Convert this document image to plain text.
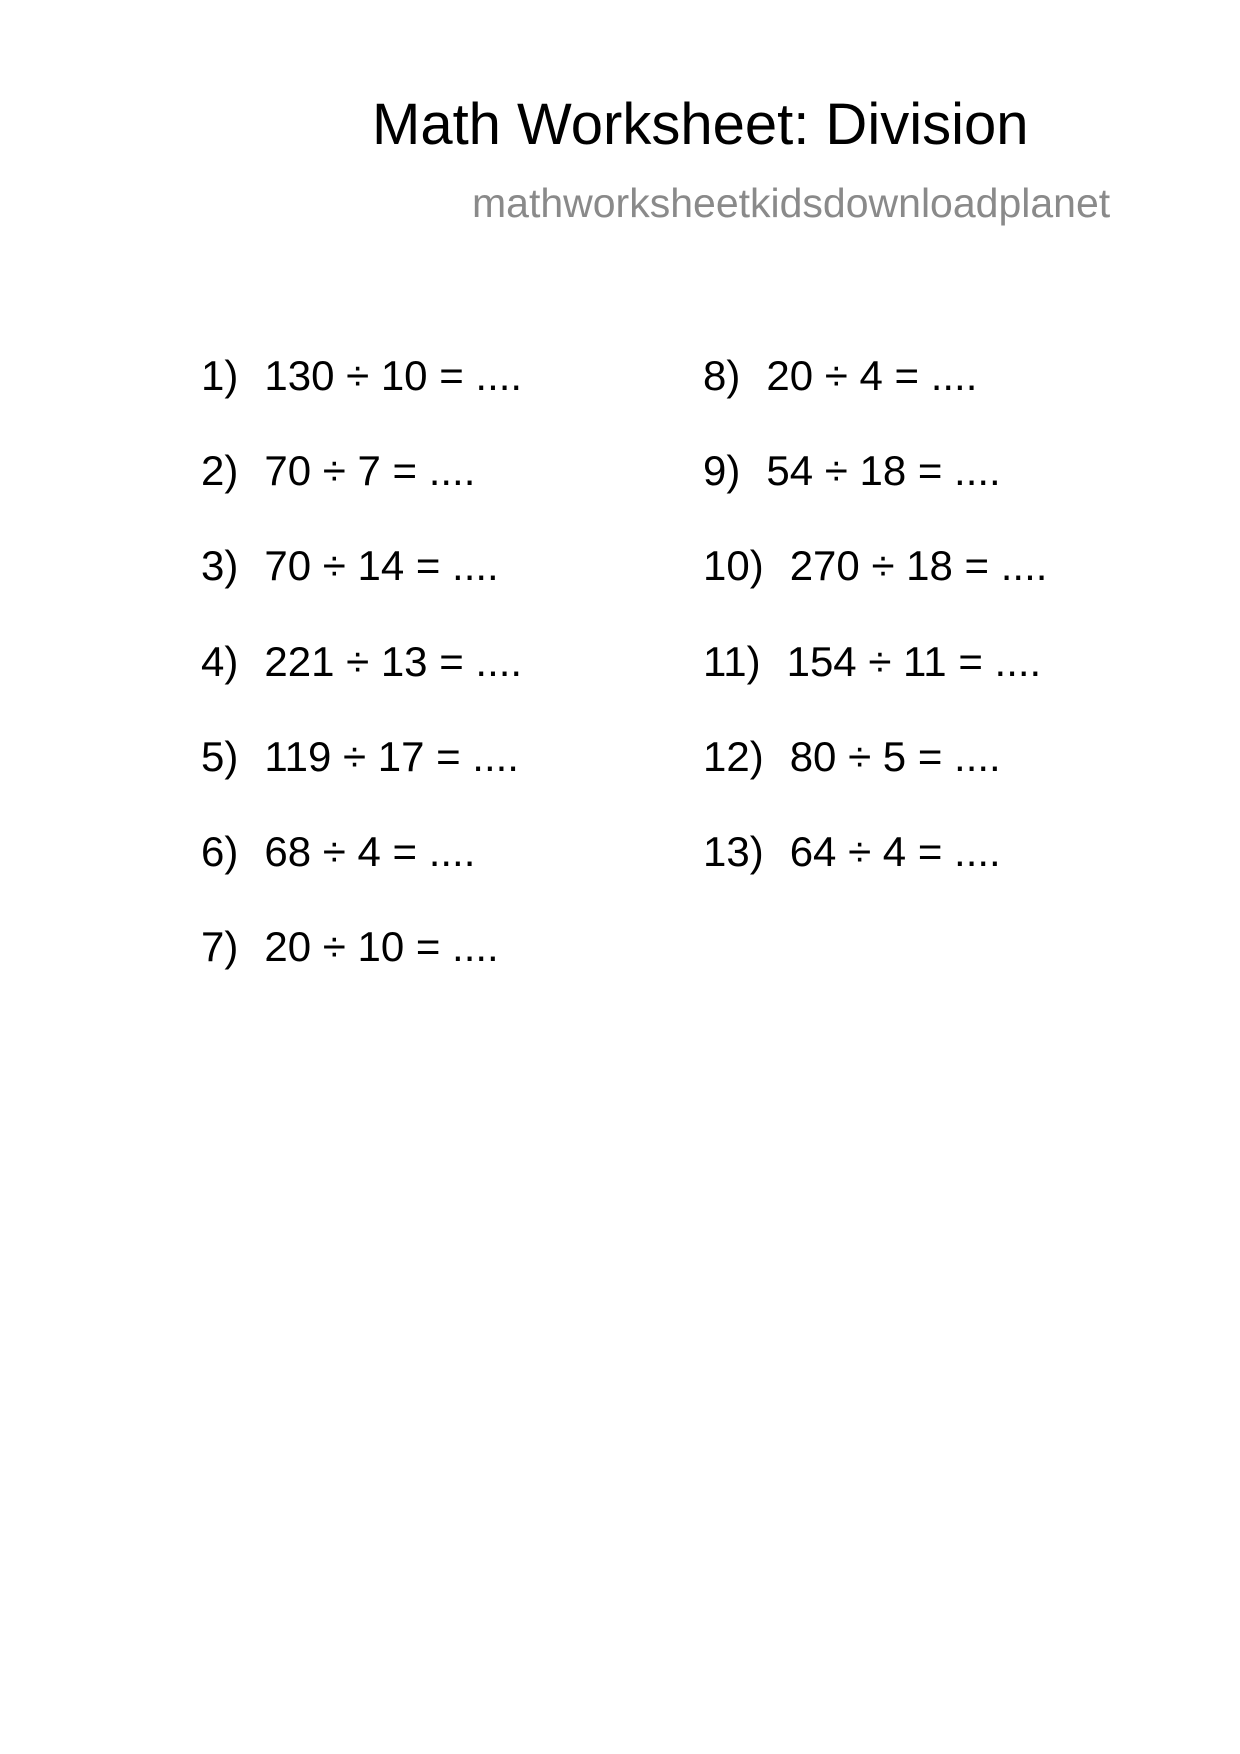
Math Worksheet: Division
mathworksheetkidsdownloadplanet
1) 130 ÷ 10 = ....
2) 70 ÷ 7 = ....
3) 70 ÷ 14 = ....
4) 221 ÷ 13 = ....
5) 119 ÷ 17 = ....
6) 68 ÷ 4 = ....
7) 20 ÷ 10 = ....
8) 20 ÷ 4 = ....
9) 54 ÷ 18 = ....
10) 270 ÷ 18 = ....
11) 154 ÷ 11 = ....
12) 80 ÷ 5 = ....
13) 64 ÷ 4 = ....
